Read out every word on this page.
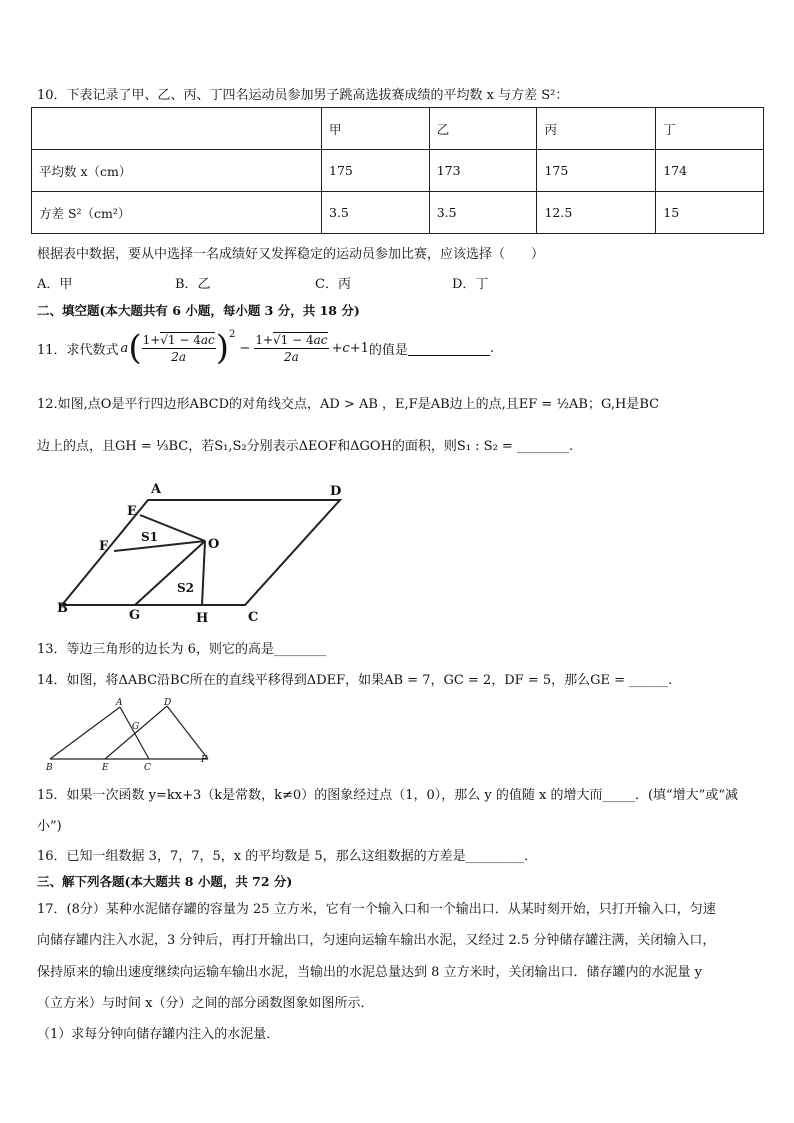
10．下表记录了甲、乙、丙、丁四名运动员参加男子跳高选拔赛成绩的平均数 x 与方差 S²：
	甲	乙	丙	丁
平均数 x（cm）	175	173	175	174
方差 S²（cm²）	3.5	3.5	12.5	15
根据表中数据，要从中选择一名成绩好又发挥稳定的运动员参加比赛，应该选择（　　）
A．甲	B．乙	C．丙	D．丁
二、填空题(本大题共有 6 小题，每小题 3 分，共 18 分)
11．求代数式 a ( $\frac{1+√1 - 4ac}{2a}$ ) 2
− $\frac{1+√1 - 4ac}{2a} +c+1$ 的值是	.
12.如图,点O是平行四边形ABCD的对角线交点，AD > AB ，E,F是AB边上的点,且EF = ½AB；G,H是BC
边上的点，且GH = ⅓BC，若S₁,S₂分别表示ΔEOF和ΔGOH的面积，则S₁ : S₂ = ________.
A	D
E
F	O
B	G	H	C
S1
S2
13．等边三角形的边长为 6，则它的高是________
14．如图，将ΔABC沿BC所在的直线平移得到ΔDEF，如果AB = 7，GC = 2，DF = 5，那么GE = ______.
A	D
G
B	E	C
F
15．如果一次函数 y=kx+3（k是常数，k≠0）的图象经过点（1，0），那么 y 的值随 x 的增大而_____．(填“增大”或“减
小”)
16．已知一组数据 3，7，7，5，x 的平均数是 5，那么这组数据的方差是_________．
三、解下列各题(本大题共 8 小题，共 72 分)
17．(8分）某种水泥储存罐的容量为 25 立方米，它有一个输入口和一个输出口．从某时刻开始，只打开输入口，匀速
向储存罐内注入水泥，3 分钟后，再打开输出口，匀速向运输车输出水泥，又经过 2.5 分钟储存罐注满，关闭输入口，
保持原来的输出速度继续向运输车输出水泥，当输出的水泥总量达到 8 立方米时，关闭输出口．储存罐内的水泥量 y
（立方米）与时间 x（分）之间的部分函数图象如图所示．
（1）求每分钟向储存罐内注入的水泥量．
